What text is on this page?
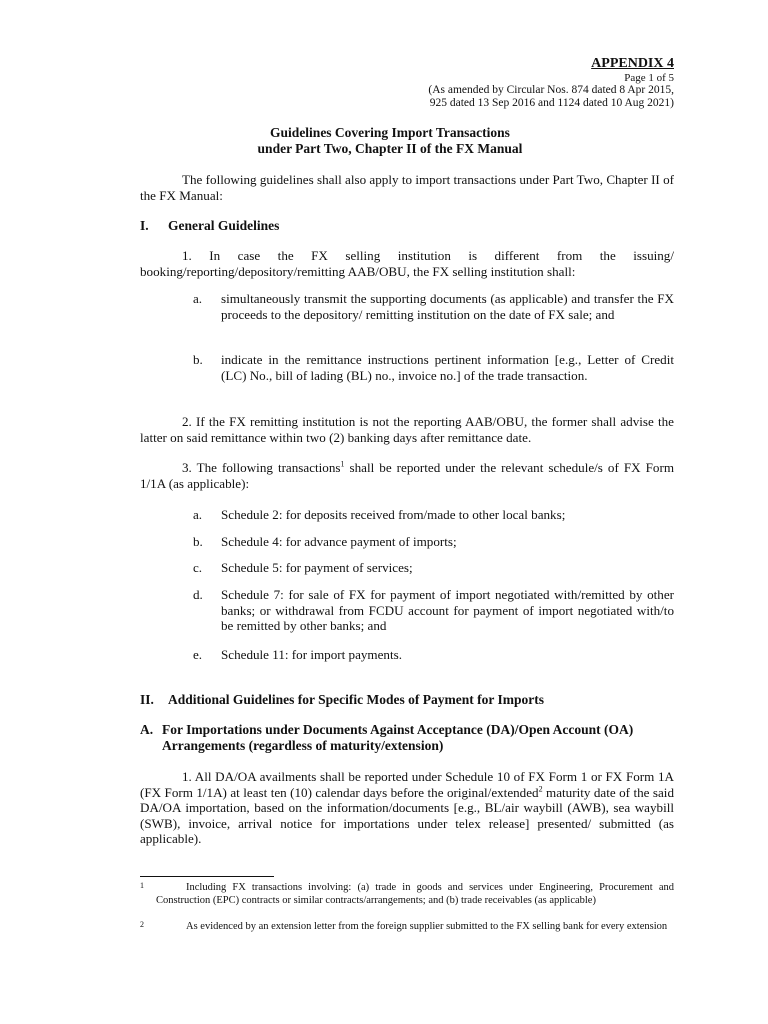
APPENDIX 4
Page 1 of 5
(As amended by Circular Nos. 874 dated 8 Apr 2015,
925 dated 13 Sep 2016 and 1124 dated 10 Aug 2021)
Guidelines Covering Import Transactions
under Part Two, Chapter II of the FX Manual
The following guidelines shall also apply to import transactions under Part Two, Chapter II of the FX Manual:
I. General Guidelines
1. In case the FX selling institution is different from the issuing/ booking/reporting/depository/remitting AAB/OBU, the FX selling institution shall:
a. simultaneously transmit the supporting documents (as applicable) and transfer the FX proceeds to the depository/ remitting institution on the date of FX sale; and
b. indicate in the remittance instructions pertinent information [e.g., Letter of Credit (LC) No., bill of lading (BL) no., invoice no.] of the trade transaction.
2. If the FX remitting institution is not the reporting AAB/OBU, the former shall advise the latter on said remittance within two (2) banking days after remittance date.
3. The following transactions$^1$ shall be reported under the relevant schedule/s of FX Form 1/1A (as applicable):
a. Schedule 2: for deposits received from/made to other local banks;
b. Schedule 4: for advance payment of imports;
c. Schedule 5: for payment of services;
d. Schedule 7: for sale of FX for payment of import negotiated with/remitted by other banks; or withdrawal from FCDU account for payment of import negotiated with/to be remitted by other banks; and
e. Schedule 11: for import payments.
II. Additional Guidelines for Specific Modes of Payment for Imports
A. For Importations under Documents Against Acceptance (DA)/Open Account (OA) Arrangements (regardless of maturity/extension)
1. All DA/OA availments shall be reported under Schedule 10 of FX Form 1 or FX Form 1A (FX Form 1/1A) at least ten (10) calendar days before the original/extended$^2$ maturity date of the said DA/OA importation, based on the information/documents [e.g., BL/air waybill (AWB), sea waybill (SWB), invoice, arrival notice for importations under telex release] presented/ submitted (as applicable).
1	Including FX transactions involving: (a) trade in goods and services under Engineering, Procurement and Construction (EPC) contracts or similar contracts/arrangements; and (b) trade receivables (as applicable)
2	As evidenced by an extension letter from the foreign supplier submitted to the FX selling bank for every extension
